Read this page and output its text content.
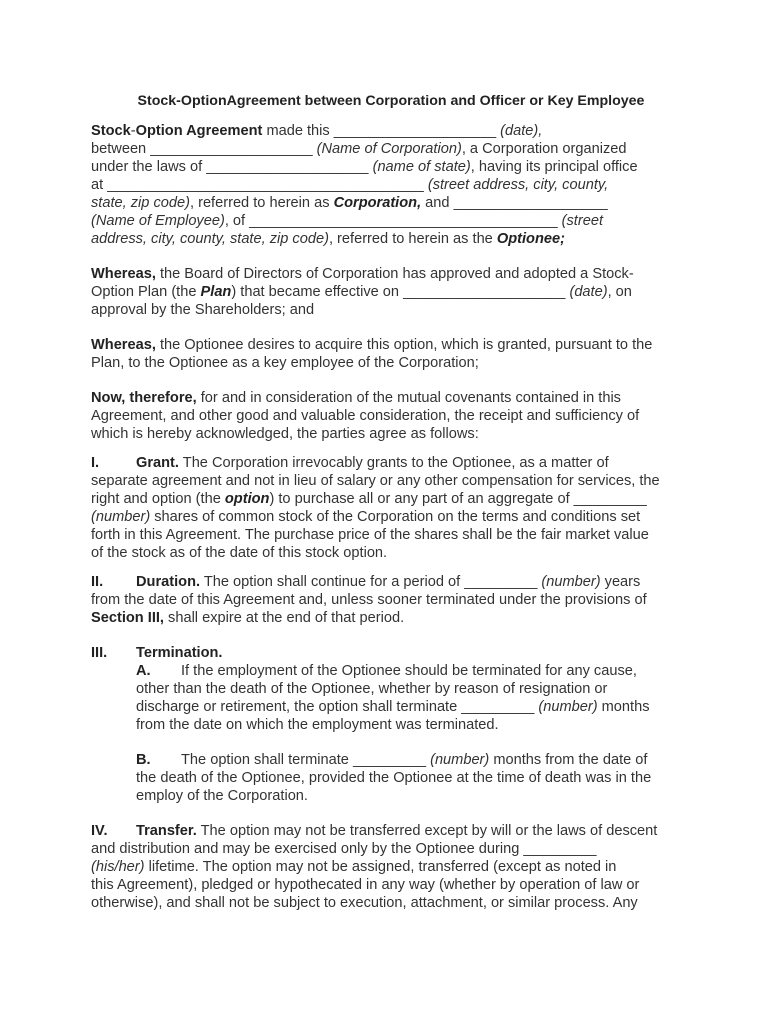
Stock-OptionAgreement between Corporation and Officer or Key Employee

Stock-Option Agreement made this ____________________ (date),

between ____________________ (Name of Corporation), a Corporation organized

under the laws of ____________________ (name of state), having its principal office

at _______________________________________ (street address, city, county,

state, zip code), referred to herein as Corporation, and ___________________

(Name of Employee), of ______________________________________ (street

address, city, county, state, zip code), referred to herein as the Optionee;

Whereas, the Board of Directors of Corporation has approved and adopted a Stock-

Option Plan (the Plan) that became effective on ____________________ (date), on

approval by the Shareholders; and

Whereas, the Optionee desires to acquire this option, which is granted, pursuant to the

Plan, to the Optionee as a key employee of the Corporation;

Now, therefore, for and in consideration of the mutual covenants contained in this

Agreement, and other good and valuable consideration, the receipt and sufficiency of

which is hereby acknowledged, the parties agree as follows:

I.	Grant. The Corporation irrevocably grants to the Optionee, as a matter of

separate agreement and not in lieu of salary or any other compensation for services, the

right and option (the option) to purchase all or any part of an aggregate of _________

(number) shares of common stock of the Corporation on the terms and conditions set

forth in this Agreement. The purchase price of the shares shall be the fair market value

of the stock as of the date of this stock option.

II. Duration. The option shall continue for a period of _________ (number) years

from the date of this Agreement and, unless sooner terminated under the provisions of

Section III, shall expire at the end of that period.

III. Termination.

A. If the employment of the Optionee should be terminated for any cause,

other than the death of the Optionee, whether by reason of resignation or

discharge or retirement, the option shall terminate _________ (number) months

from the date on which the employment was terminated.

B. The option shall terminate _________ (number) months from the date of

the death of the Optionee, provided the Optionee at the time of death was in the

employ of the Corporation.

IV. Transfer. The option may not be transferred except by will or the laws of descent

and distribution and may be exercised only by the Optionee during _________

(his/her) lifetime. The option may not be assigned, transferred (except as noted in

this Agreement), pledged or hypothecated in any way (whether by operation of law or

otherwise), and shall not be subject to execution, attachment, or similar process. Any
